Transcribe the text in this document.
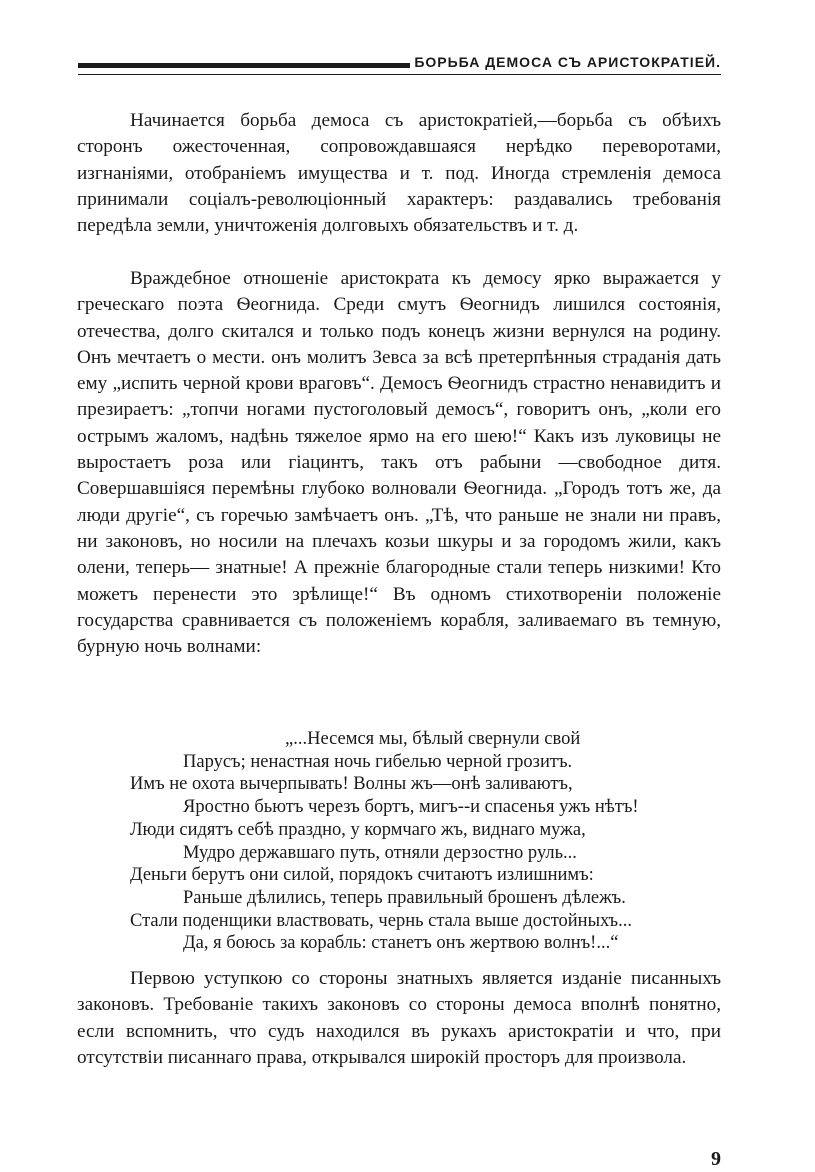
БОРЬБА ДЕМОСА СЪ АРИСТОКРАТІЕЙ.

Начинается борьба демоса съ аристократіей,—борьба съ обѣихъ сторонъ ожесточенная, сопровождавшаяся нерѣдко переворотами, изгнаніями, отобраніемъ имущества и т. под. Иногда стремленія демоса принимали соціалъ-революціонный характеръ: раздавались требованія передѣла земли, уничтоженія долговыхъ обязательствъ и т. д.

Враждебное отношеніе аристократа къ демосу ярко выражается у греческаго поэта Ѳеогнида. Среди смутъ Ѳеогнидъ лишился состоянія, отечества, долго скитался и только подъ конецъ жизни вернулся на родину. Онъ мечтаетъ о мести. онъ молитъ Зевса за всѣ претерпѣнныя страданія дать ему „испить черной крови враговъ“. Демосъ Ѳеогнидъ страстно ненавидитъ и презираетъ: „топчи ногами пустоголовый демосъ“, говоритъ онъ, „коли его острымъ жаломъ, надѣнь тяжелое ярмо на его шею!“ Какъ изъ луковицы не выростаетъ роза или гіацинтъ, такъ отъ рабыни —свободное дитя. Совершавшіяся перемѣны глубоко волновали Ѳеогнида. „Городъ тотъ же, да люди другіе“, съ горечью замѣчаетъ онъ. „Тѣ, что раньше не знали ни правъ, ни законовъ, но носили на плечахъ козьи шкуры и за городомъ жили, какъ олени, теперь— знатные! А прежніе благородные стали теперь низкими! Кто можетъ перенести это зрѣлище!“ Въ одномъ стихотвореніи положеніе государства сравнивается съ положеніемъ корабля, заливаемаго въ темную, бурную ночь волнами:

„...Несемся мы, бѣлый свернули свой
Парусъ; ненастная ночь гибелью черной грозитъ.
Имъ не охота вычерпывать! Волны жъ—онѣ заливаютъ,
Яростно бьютъ черезъ бортъ, мигъ--и спасенья ужъ нѣтъ!
Люди сидятъ себѣ праздно, у кормчаго жъ, виднаго мужа,
Мудро державшаго путь, отняли дерзостно руль...
Деньги берутъ они силой, порядокъ считаютъ излишнимъ:
Раньше дѣлились, теперь правильный брошенъ дѣлежъ.
Стали поденщики властвовать, чернь стала выше достойныхъ...
Да, я боюсь за корабль: станетъ онъ жертвою волнъ!...“

Первою уступкою со стороны знатныхъ является изданіе писанныхъ законовъ. Требованіе такихъ законовъ со стороны демоса вполнѣ понятно, если вспомнить, что судъ находился въ рукахъ аристократіи и что, при отсутствіи писаннаго права, открывался широкій просторъ для произвола.

9
